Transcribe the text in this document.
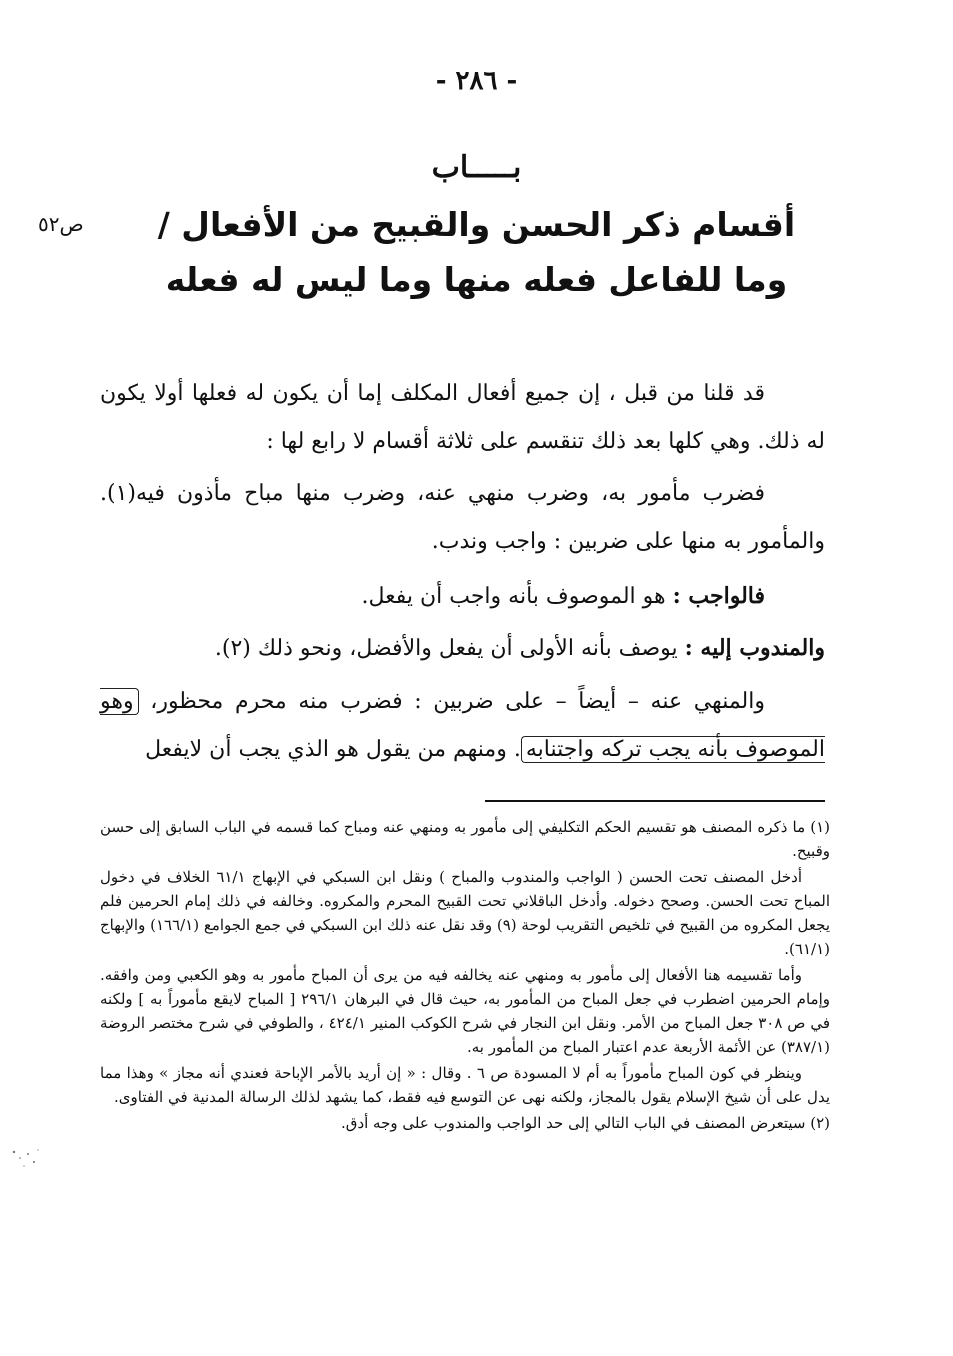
- ٢٨٦ -
بـــــاب
أقسام ذكر الحسن والقبيح من الأفعال /
وما للفاعل فعله منها وما ليس له فعله
ص٥٢
قد قلنا من قبل ، إن جميع أفعال المكلف إما أن يكون له فعلها أولا يكون له ذلك. وهي كلها بعد ذلك تنقسم على ثلاثة أقسام لا رابع لها :
فضرب مأمور به، وضرب منهي عنه، وضرب منها مباح مأذون فيه(١). والمأمور به منها على ضربين : واجب وندب.
فالواجب : هو الموصوف بأنه واجب أن يفعل.
والمندوب إليه : يوصف بأنه الأولى أن يفعل والأفضل، ونحو ذلك (٢).
والمنهي عنه – أيضاً – على ضربين : فضرب منه محرم محظور، وهو الموصوف بأنه يجب تركه واجتنابه. ومنهم من يقول هو الذي يجب أن لايفعل

(١) ما ذكره المصنف هو تقسيم الحكم التكليفي إلى مأمور به ومنهي عنه ومباح كما قسمه في الباب السابق إلى حسن وقبيح.

أدخل المصنف تحت الحسن ( الواجب والمندوب والمباح ) ونقل ابن السبكي في الإبهاج ٦١/١ الخلاف في دخول المباح تحت الحسن. وصحح دخوله. وأدخل الباقلاني تحت القبيح المحرم والمكروه. وخالفه في ذلك إمام الحرمين فلم يجعل المكروه من القبيح في تلخيص التقريب لوحة (٩) وقد نقل عنه ذلك ابن السبكي في جمع الجوامع (١٦٦/١) والإبهاج (٦١/١).

وأما تقسيمه هنا الأفعال إلى مأمور به ومنهي عنه يخالفه فيه من يرى أن المباح مأمور به وهو الكعبي ومن وافقه. وإمام الحرمين اضطرب في جعل المباح من المأمور به، حيث قال في البرهان ٢٩٦/١ [ المباح لايقع مأموراً به ] ولكنه في ص ٣٠٨ جعل المباح من الأمر. ونقل ابن النجار في شرح الكوكب المنير ٤٢٤/١ ، والطوفي في شرح مختصر الروضة (٣٨٧/١) عن الأئمة الأربعة عدم اعتبار المباح من المأمور به.

وينظر في كون المباح مأموراً به أم لا المسودة ص ٦ . وقال : « إن أريد بالأمر الإباحة فعندي أنه مجاز » وهذا مما يدل على أن شيخ الإسلام يقول بالمجاز، ولكنه نهى عن التوسع فيه فقط، كما يشهد لذلك الرسالة المدنية في الفتاوى.

(٢) سيتعرض المصنف في الباب التالي إلى حد الواجب والمندوب على وجه أدق.
